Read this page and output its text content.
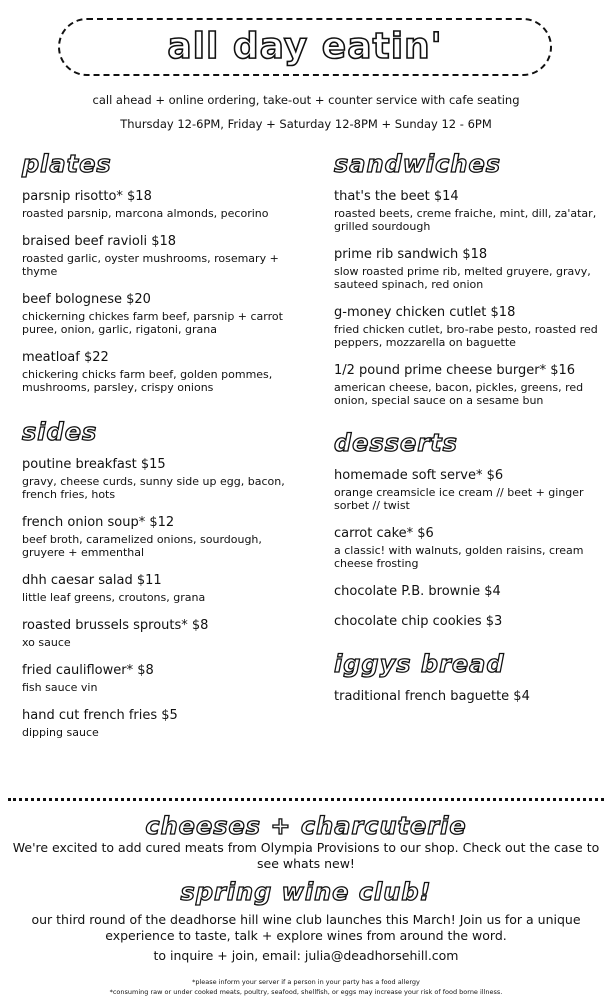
all day eatin'
call ahead + online ordering, take-out + counter service with cafe seating
Thursday 12-6PM, Friday + Saturday 12-8PM + Sunday 12 - 6PM
plates
parsnip risotto* $18
roasted parsnip, marcona almonds, pecorino
braised beef ravioli $18
roasted garlic, oyster mushrooms, rosemary + thyme
beef bolognese $20
chickerning chickes farm beef, parsnip + carrot puree, onion, garlic, rigatoni, grana
meatloaf $22
chickering chicks farm beef, golden pommes, mushrooms, parsley, crispy onions
sides
poutine breakfast $15
gravy, cheese curds, sunny side up egg, bacon, french fries, hots
french onion soup* $12
beef broth, caramelized onions, sourdough, gruyere + emmenthal
dhh caesar salad $11
little leaf greens, croutons, grana
roasted brussels sprouts* $8
xo sauce
fried cauliflower* $8
fish sauce vin
hand cut french fries $5
dipping sauce
sandwiches
that's the beet $14
roasted beets, creme fraiche, mint, dill, za'atar, grilled sourdough
prime rib sandwich $18
slow roasted prime rib, melted gruyere, gravy, sauteed spinach, red onion
g-money chicken cutlet $18
fried chicken cutlet, bro-rabe pesto, roasted red peppers, mozzarella on baguette
1/2 pound prime cheese burger* $16
american cheese, bacon, pickles, greens, red onion, special sauce on a sesame bun
desserts
homemade soft serve* $6
orange creamsicle ice cream // beet + ginger sorbet // twist
carrot cake* $6
a classic! with walnuts, golden raisins, cream cheese frosting
chocolate P.B. brownie $4
chocolate chip cookies $3
iggys bread
traditional french baguette $4
cheeses + charcuterie
We're excited to add cured meats from Olympia Provisions to our shop. Check out the case to see whats new!
spring wine club!
our third round of the deadhorse hill wine club launches this March! Join us for a unique experience to taste, talk + explore wines from around the word.
to inquire + join, email: julia@deadhorsehill.com
*please inform your server if a person in your party has a food allergy
*consuming raw or under cooked meats, poultry, seafood, shellfish, or eggs may increase your risk of food borne illness.
